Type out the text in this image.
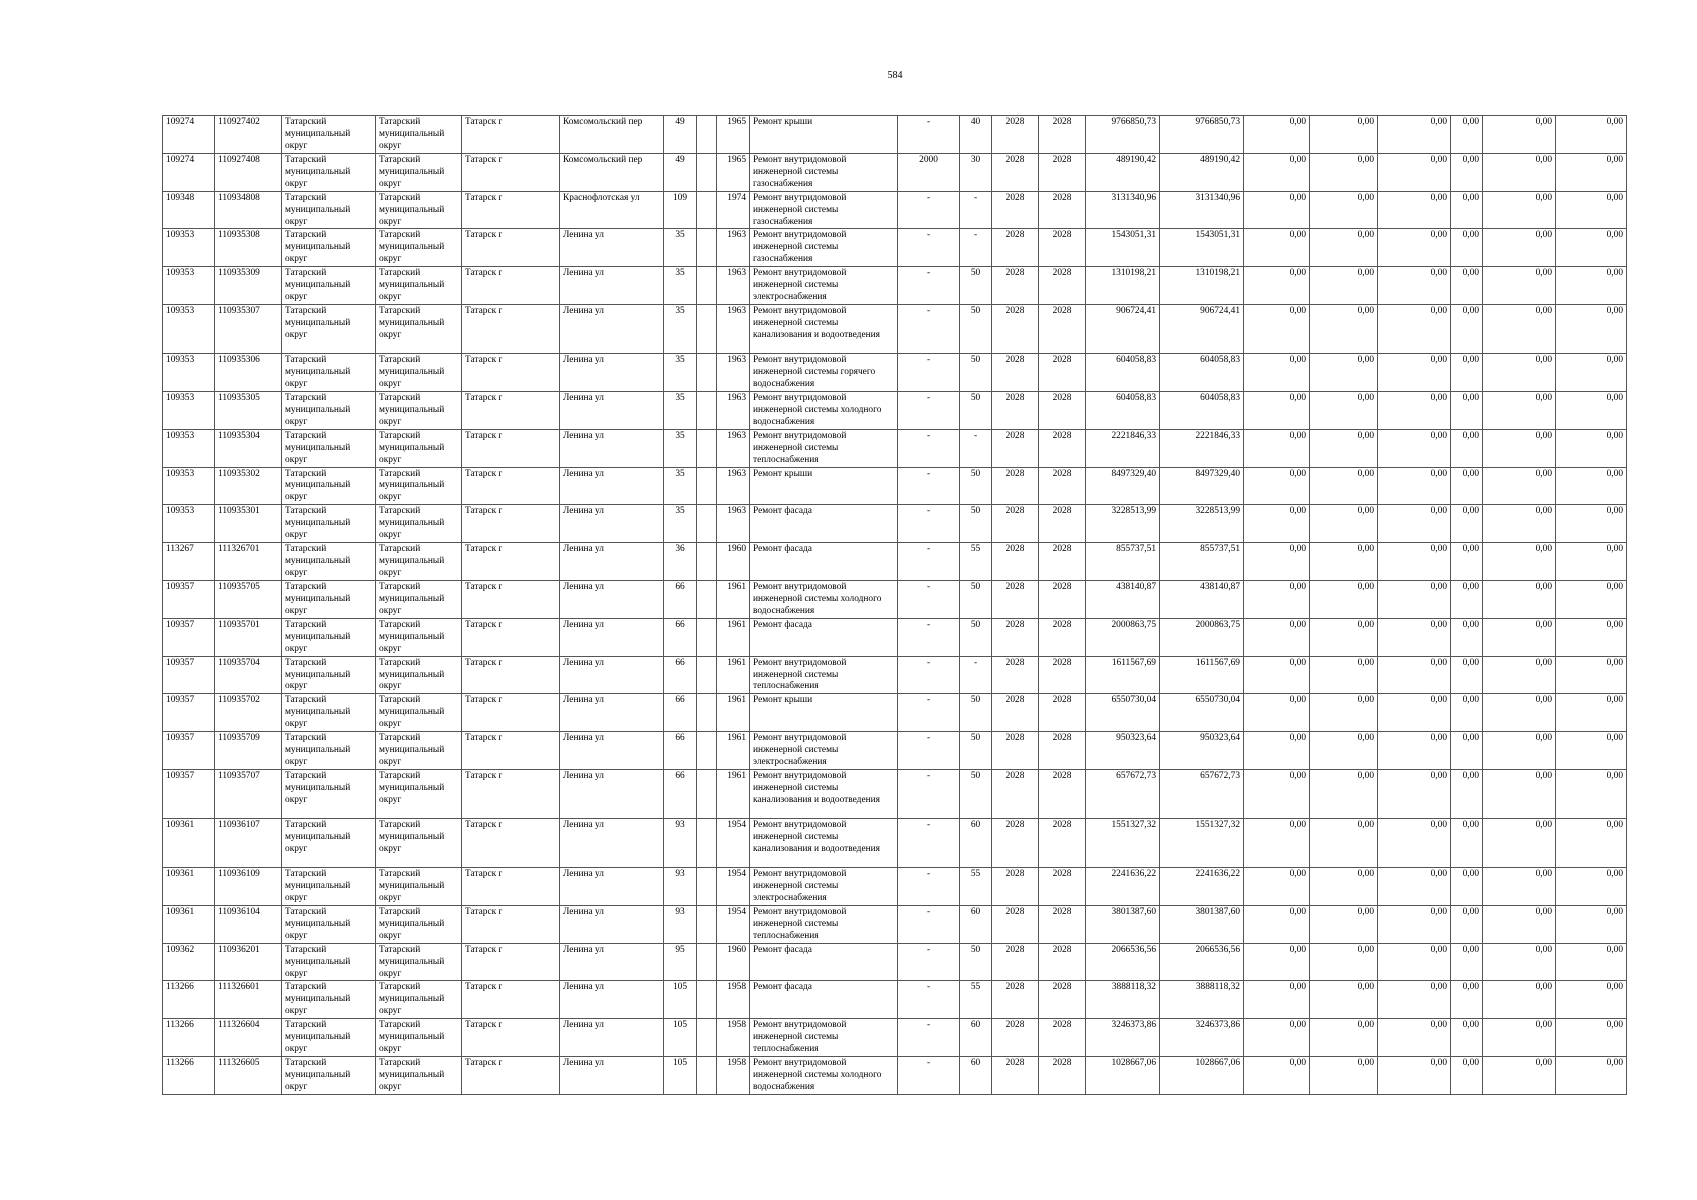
584
109274	110927402	Татарский муниципальный округ	Татарский муниципальный округ	Татарск г	Комсомольский пер	49		1965	Ремонт крыши	-	40	2028	2028	9766850,73	9766850,73	0,00	0,00	0,00	0,00	0,00	0,00
109274	110927408	Татарский муниципальный округ	Татарский муниципальный округ	Татарск г	Комсомольский пер	49		1965	Ремонт внутридомовой инженерной системы газоснабжения	2000	30	2028	2028	489190,42	489190,42	0,00	0,00	0,00	0,00	0,00	0,00
109348	110934808	Татарский муниципальный округ	Татарский муниципальный округ	Татарск г	Краснофлотская ул	109		1974	Ремонт внутридомовой инженерной системы газоснабжения	-	-	2028	2028	3131340,96	3131340,96	0,00	0,00	0,00	0,00	0,00	0,00
109353	110935308	Татарский муниципальный округ	Татарский муниципальный округ	Татарск г	Ленина ул	35		1963	Ремонт внутридомовой инженерной системы газоснабжения	-	-	2028	2028	1543051,31	1543051,31	0,00	0,00	0,00	0,00	0,00	0,00
109353	110935309	Татарский муниципальный округ	Татарский муниципальный округ	Татарск г	Ленина ул	35		1963	Ремонт внутридомовой инженерной системы электроснабжения	-	50	2028	2028	1310198,21	1310198,21	0,00	0,00	0,00	0,00	0,00	0,00
109353	110935307	Татарский муниципальный округ	Татарский муниципальный округ	Татарск г	Ленина ул	35		1963	Ремонт внутридомовой инженерной системы канализования и водоотведения	-	50	2028	2028	906724,41	906724,41	0,00	0,00	0,00	0,00	0,00	0,00
109353	110935306	Татарский муниципальный округ	Татарский муниципальный округ	Татарск г	Ленина ул	35		1963	Ремонт внутридомовой инженерной системы горячего водоснабжения	-	50	2028	2028	604058,83	604058,83	0,00	0,00	0,00	0,00	0,00	0,00
109353	110935305	Татарский муниципальный округ	Татарский муниципальный округ	Татарск г	Ленина ул	35		1963	Ремонт внутридомовой инженерной системы холодного водоснабжения	-	50	2028	2028	604058,83	604058,83	0,00	0,00	0,00	0,00	0,00	0,00
109353	110935304	Татарский муниципальный округ	Татарский муниципальный округ	Татарск г	Ленина ул	35		1963	Ремонт внутридомовой инженерной системы теплоснабжения	-	-	2028	2028	2221846,33	2221846,33	0,00	0,00	0,00	0,00	0,00	0,00
109353	110935302	Татарский муниципальный округ	Татарский муниципальный округ	Татарск г	Ленина ул	35		1963	Ремонт крыши	-	50	2028	2028	8497329,40	8497329,40	0,00	0,00	0,00	0,00	0,00	0,00
109353	110935301	Татарский муниципальный округ	Татарский муниципальный округ	Татарск г	Ленина ул	35		1963	Ремонт фасада	-	50	2028	2028	3228513,99	3228513,99	0,00	0,00	0,00	0,00	0,00	0,00
113267	111326701	Татарский муниципальный округ	Татарский муниципальный округ	Татарск г	Ленина ул	36		1960	Ремонт фасада	-	55	2028	2028	855737,51	855737,51	0,00	0,00	0,00	0,00	0,00	0,00
109357	110935705	Татарский муниципальный округ	Татарский муниципальный округ	Татарск г	Ленина ул	66		1961	Ремонт внутридомовой инженерной системы холодного водоснабжения	-	50	2028	2028	438140,87	438140,87	0,00	0,00	0,00	0,00	0,00	0,00
109357	110935701	Татарский муниципальный округ	Татарский муниципальный округ	Татарск г	Ленина ул	66		1961	Ремонт фасада	-	50	2028	2028	2000863,75	2000863,75	0,00	0,00	0,00	0,00	0,00	0,00
109357	110935704	Татарский муниципальный округ	Татарский муниципальный округ	Татарск г	Ленина ул	66		1961	Ремонт внутридомовой инженерной системы теплоснабжения	-	-	2028	2028	1611567,69	1611567,69	0,00	0,00	0,00	0,00	0,00	0,00
109357	110935702	Татарский муниципальный округ	Татарский муниципальный округ	Татарск г	Ленина ул	66		1961	Ремонт крыши	-	50	2028	2028	6550730,04	6550730,04	0,00	0,00	0,00	0,00	0,00	0,00
109357	110935709	Татарский муниципальный округ	Татарский муниципальный округ	Татарск г	Ленина ул	66		1961	Ремонт внутридомовой инженерной системы электроснабжения	-	50	2028	2028	950323,64	950323,64	0,00	0,00	0,00	0,00	0,00	0,00
109357	110935707	Татарский муниципальный округ	Татарский муниципальный округ	Татарск г	Ленина ул	66		1961	Ремонт внутридомовой инженерной системы канализования и водоотведения	-	50	2028	2028	657672,73	657672,73	0,00	0,00	0,00	0,00	0,00	0,00
109361	110936107	Татарский муниципальный округ	Татарский муниципальный округ	Татарск г	Ленина ул	93		1954	Ремонт внутридомовой инженерной системы канализования и водоотведения	-	60	2028	2028	1551327,32	1551327,32	0,00	0,00	0,00	0,00	0,00	0,00
109361	110936109	Татарский муниципальный округ	Татарский муниципальный округ	Татарск г	Ленина ул	93		1954	Ремонт внутридомовой инженерной системы электроснабжения	-	55	2028	2028	2241636,22	2241636,22	0,00	0,00	0,00	0,00	0,00	0,00
109361	110936104	Татарский муниципальный округ	Татарский муниципальный округ	Татарск г	Ленина ул	93		1954	Ремонт внутридомовой инженерной системы теплоснабжения	-	60	2028	2028	3801387,60	3801387,60	0,00	0,00	0,00	0,00	0,00	0,00
109362	110936201	Татарский муниципальный округ	Татарский муниципальный округ	Татарск г	Ленина ул	95		1960	Ремонт фасада	-	50	2028	2028	2066536,56	2066536,56	0,00	0,00	0,00	0,00	0,00	0,00
113266	111326601	Татарский муниципальный округ	Татарский муниципальный округ	Татарск г	Ленина ул	105		1958	Ремонт фасада	-	55	2028	2028	3888118,32	3888118,32	0,00	0,00	0,00	0,00	0,00	0,00
113266	111326604	Татарский муниципальный округ	Татарский муниципальный округ	Татарск г	Ленина ул	105		1958	Ремонт внутридомовой инженерной системы теплоснабжения	-	60	2028	2028	3246373,86	3246373,86	0,00	0,00	0,00	0,00	0,00	0,00
113266	111326605	Татарский муниципальный округ	Татарский муниципальный округ	Татарск г	Ленина ул	105		1958	Ремонт внутридомовой инженерной системы холодного водоснабжения	-	60	2028	2028	1028667,06	1028667,06	0,00	0,00	0,00	0,00	0,00	0,00
